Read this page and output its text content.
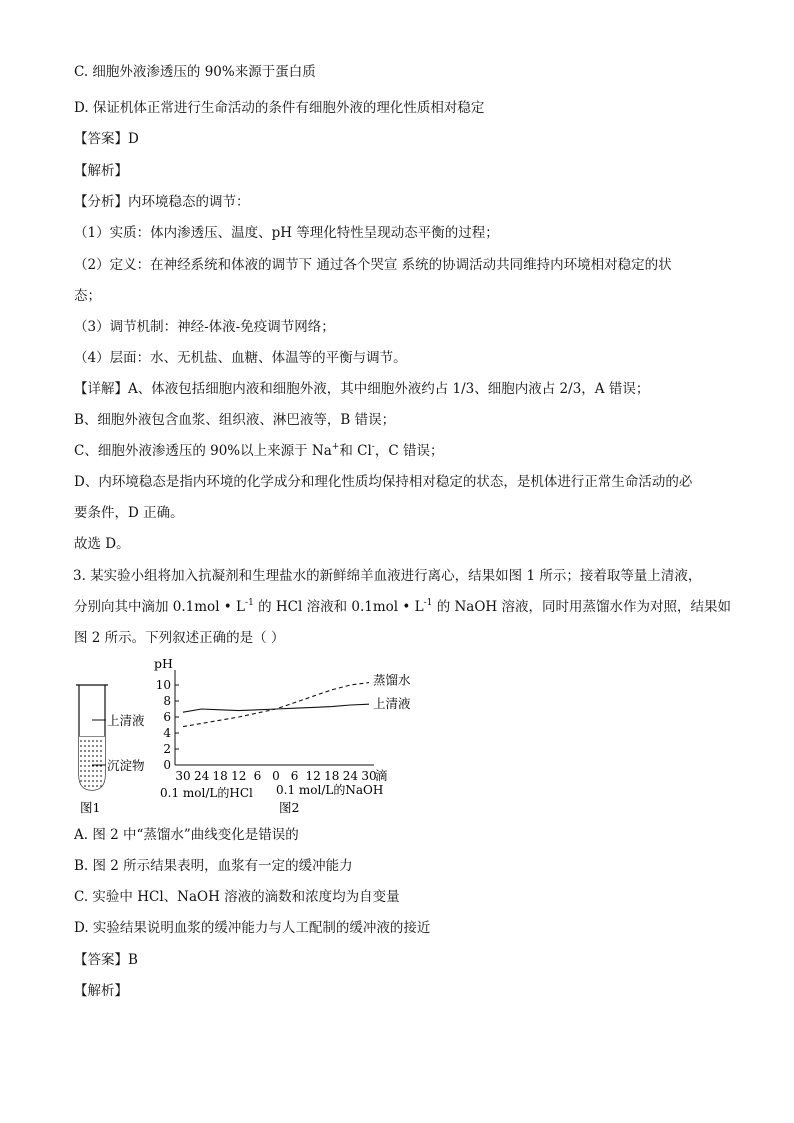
C. 细胞外液渗透压的 90%来源于蛋白质
D. 保证机体正常进行生命活动的条件有细胞外液的理化性质相对稳定
【答案】D
【解析】
【分析】内环境稳态的调节：
（1）实质：体内渗透压、温度、pH 等理化特性呈现动态平衡的过程；
（2）定义：在神经系统和体液的调节下 通过各个哭宣 系统的协调活动共同维持内环境相对稳定的状
态；
（3）调节机制：神经-体液-免疫调节网络；
（4）层面：水、无机盐、血糖、体温等的平衡与调节。
【详解】A、体液包括细胞内液和细胞外液，其中细胞外液约占 1/3、细胞内液占 2/3，A 错误；
B、细胞外液包含血浆、组织液、淋巴液等，B 错误；
C、细胞外液渗透压的 90%以上来源于 Na+和 Cl-，C 错误；
D、内环境稳态是指内环境的化学成分和理化性质均保持相对稳定的状态，是机体进行正常生命活动的必
要条件，D 正确。
故选 D。
3. 某实验小组将加入抗凝剂和生理盐水的新鲜绵羊血液进行离心，结果如图 1 所示；接着取等量上清液，
分别向其中滴加 0.1mol • $L^{-1}$ 的 HCl 溶液和 0.1mol • $L^{-1}$ 的 NaOH 溶液，同时用蒸馏水作为对照，结果如
图 2 所示。下列叙述正确的是（ ）
上清液
沉淀物
图1
pH
0
2
4
6
8
10
30 24 18 12 6 0 6 12 18 24 30
蒸馏水
上清液
滴
0.1 mol/L的HCl 0.1 mol/L的NaOH
图2
A. 图 2 中“蒸馏水”曲线变化是错误的
B. 图 2 所示结果表明，血浆有一定的缓冲能力
C. 实验中 HCl、NaOH 溶液的滴数和浓度均为自变量
D. 实验结果说明血浆的缓冲能力与人工配制的缓冲液的接近
【答案】B
【解析】
